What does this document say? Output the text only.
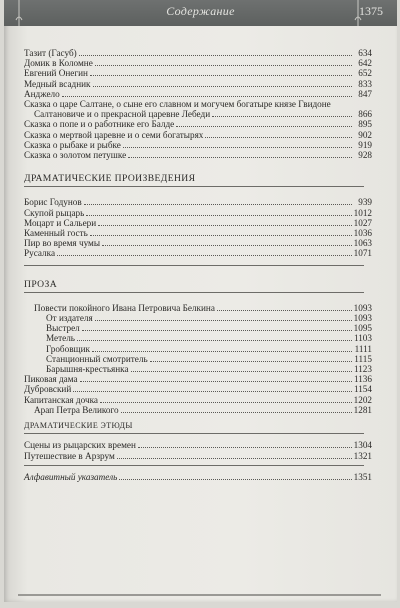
Содержание	1375
Тазит (Гасуб)	634
Домик в Коломне	642
Евгений Онегин	652
Медный всадник	833
Анджело	847
Сказка о царе Салтане, о сыне его славном и могучем богатыре князе Гвидоне
Салтановиче и о прекрасной царевне Лебеди	866
Сказка о попе и о работнике его Балде	895
Сказка о мертвой царевне и о семи богатырях	902
Сказка о рыбаке и рыбке	919
Сказка о золотом петушке	928
ДРАМАТИЧЕСКИЕ ПРОИЗВЕДЕНИЯ
Борис Годунов	939
Скупой рыцарь	1012
Моцарт и Сальери	1027
Каменный гость	1036
Пир во время чумы	1063
Русалка	1071
ПРОЗА
Повести покойного Ивана Петровича Белкина	1093
От издателя	1093
Выстрел	1095
Метель	1103
Гробовщик	1111
Станционный смотритель	1115
Барышня-крестьянка	1123
Пиковая дама	1136
Дубровский	1154
Капитанская дочка	1202
Арап Петра Великого	1281
ДРАМАТИЧЕСКИЕ ЭТЮДЫ
Сцены из рыцарских времен	1304
Путешествие в Арзрум	1321
Алфавитный указатель	1351
